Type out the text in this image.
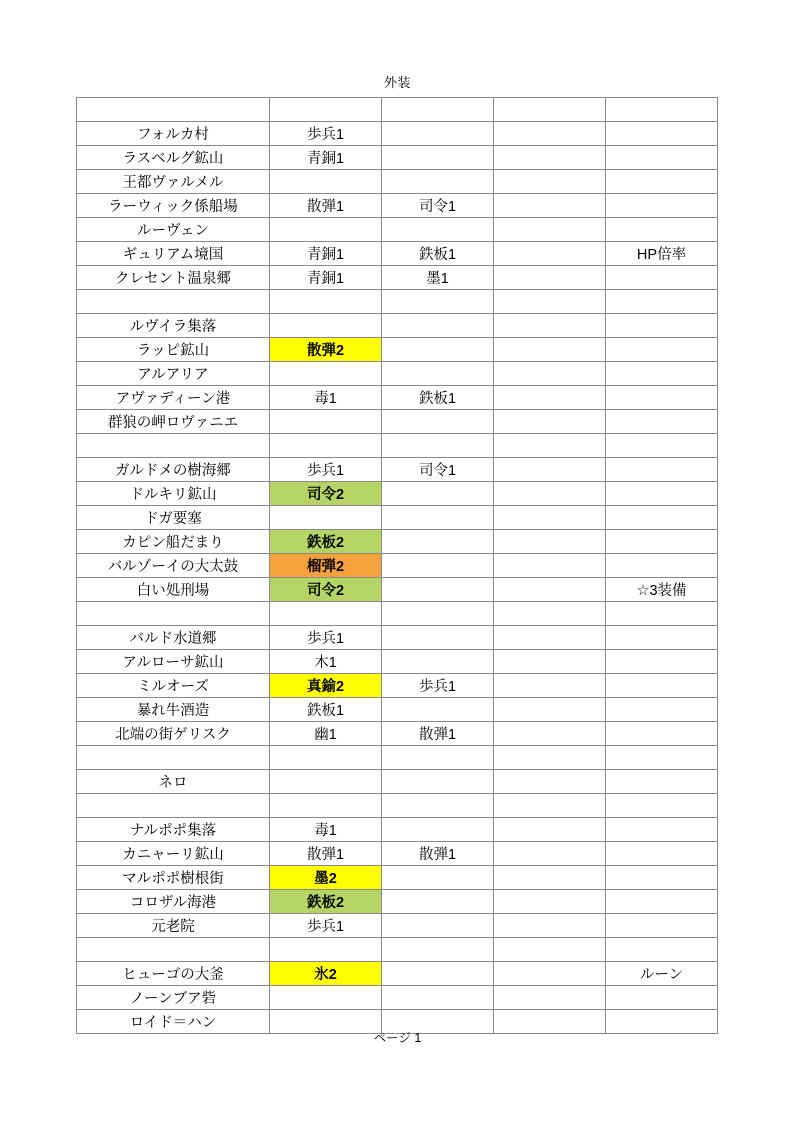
外装

フォルカ村	歩兵1			
ラスベルグ鉱山	青銅1			
王都ヴァルメル				
ラーウィック係船場	散弾1	司令1		
ルーヴェン				
ギュリアム境国	青銅1	鉄板1		HP倍率
クレセント温泉郷	青銅1	墨1		

ルヴイラ集落				
ラッピ鉱山	散弾2			
アルアリア				
アヴァディーン港	毒1	鉄板1		
群狼の岬ロヴァニエ				

ガルドメの樹海郷	歩兵1	司令1		
ドルキリ鉱山	司令2			
ドガ要塞				
カピン船だまり	鉄板2			
バルゾーイの大太鼓	榴弾2			
白い処刑場	司令2			☆3装備

バルド水道郷	歩兵1			
アルローサ鉱山	木1			
ミルオーズ	真鍮2	歩兵1		
暴れ牛酒造	鉄板1			
北端の街ゲリスク	幽1	散弾1		

ネロ				

ナルポポ集落	毒1			
カニャーリ鉱山	散弾1	散弾1		
マルポポ樹根街	墨2			
コロザル海港	鉄板2			
元老院	歩兵1			

ヒューゴの大釜	氷2			ルーン
ノーンブア砦				
ロイド＝ハン				
ページ 1
